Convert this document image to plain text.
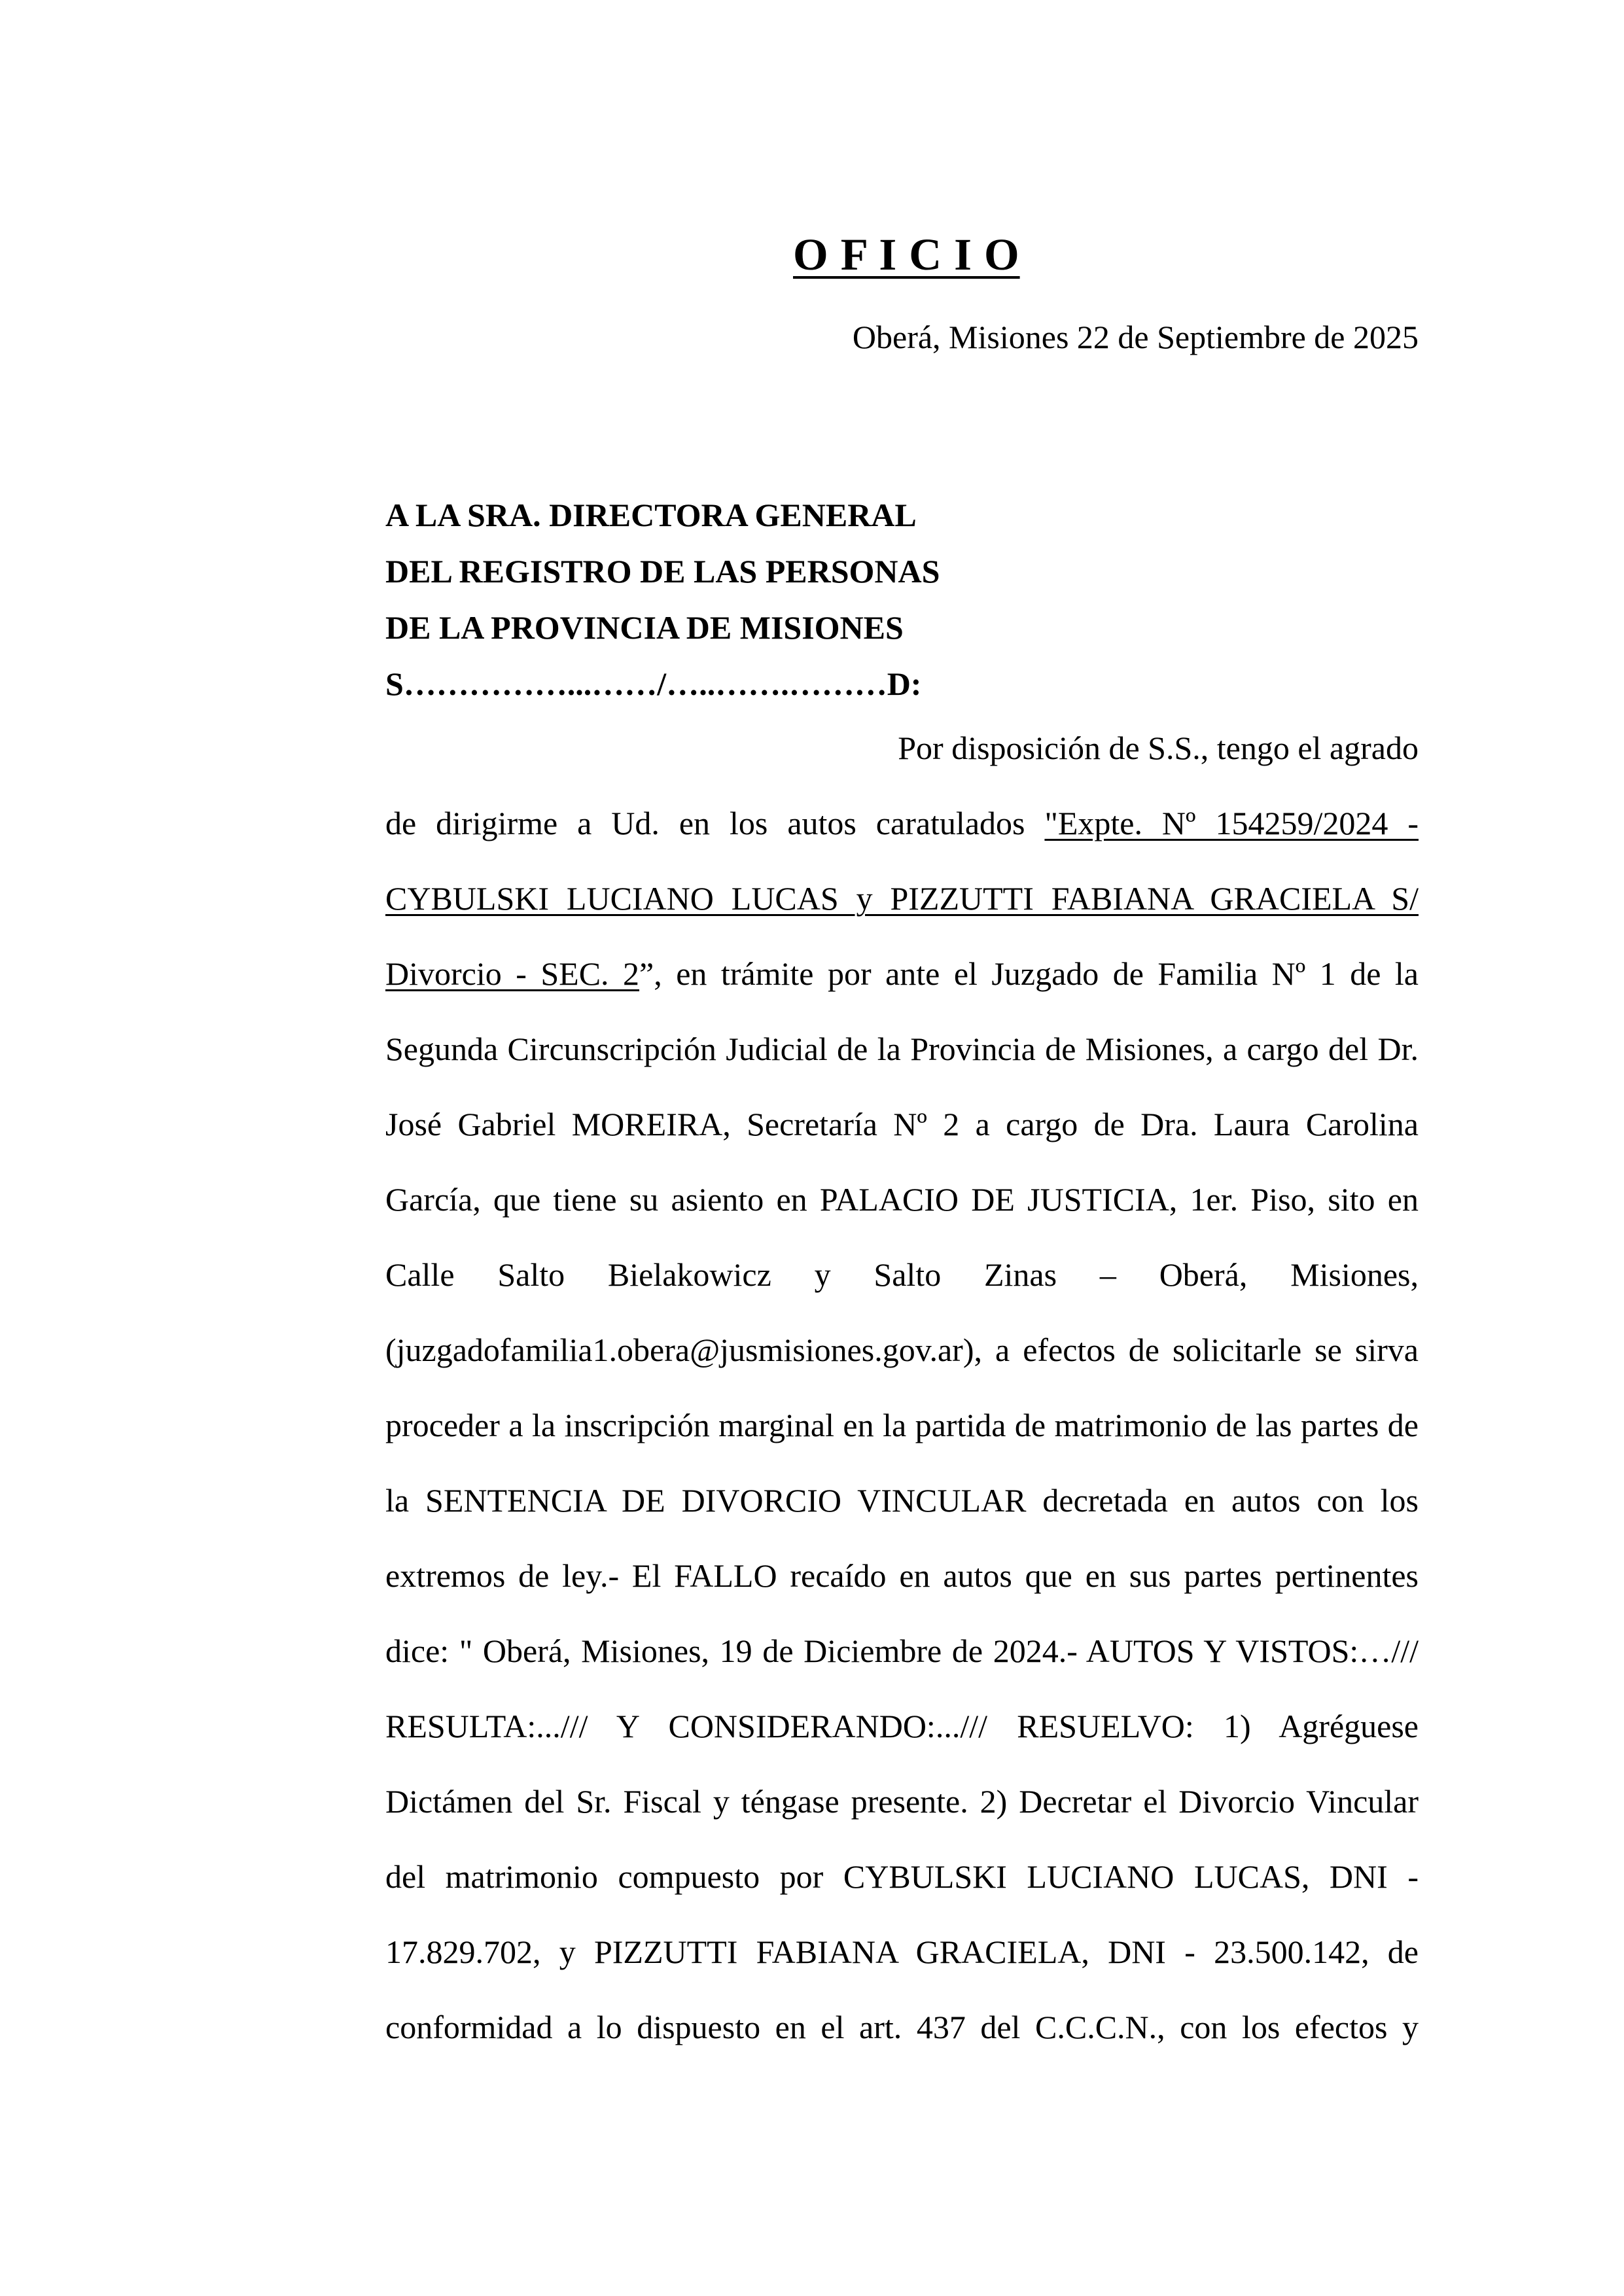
O F I C I O
Oberá, Misiones 22 de Septiembre de 2025
A LA SRA. DIRECTORA GENERAL
DEL REGISTRO DE LAS PERSONAS
DE LA PROVINCIA DE MISIONES
S……………...……/…..…….………D:
Por disposición de S.S., tengo el agrado
de dirigirme a Ud. en los autos caratulados "Expte. Nº 154259/2024 -
CYBULSKI LUCIANO LUCAS y PIZZUTTI FABIANA GRACIELA S/
Divorcio - SEC. 2”, en trámite por ante el Juzgado de Familia Nº 1 de la
Segunda Circunscripción Judicial de la Provincia de Misiones, a cargo del Dr.
José Gabriel MOREIRA, Secretaría Nº 2 a cargo de Dra. Laura Carolina
García, que tiene su asiento en PALACIO DE JUSTICIA, 1er. Piso, sito en
Calle Salto Bielakowicz y Salto Zinas – Oberá, Misiones,
(juzgadofamilia1.obera@jusmisiones.gov.ar), a efectos de solicitarle se sirva
proceder a la inscripción marginal en la partida de matrimonio de las partes de
la SENTENCIA DE DIVORCIO VINCULAR decretada en autos con los
extremos de ley.- El FALLO recaído en autos que en sus partes pertinentes
dice: " Oberá, Misiones, 19 de Diciembre de 2024.- AUTOS Y VISTOS:…///
RESULTA:.../// Y CONSIDERANDO:.../// RESUELVO: 1) Agréguese
Dictámen del Sr. Fiscal y téngase presente. 2) Decretar el Divorcio Vincular
del matrimonio compuesto por CYBULSKI LUCIANO LUCAS, DNI -
17.829.702, y PIZZUTTI FABIANA GRACIELA, DNI - 23.500.142, de
conformidad a lo dispuesto en el art. 437 del C.C.C.N., con los efectos y
